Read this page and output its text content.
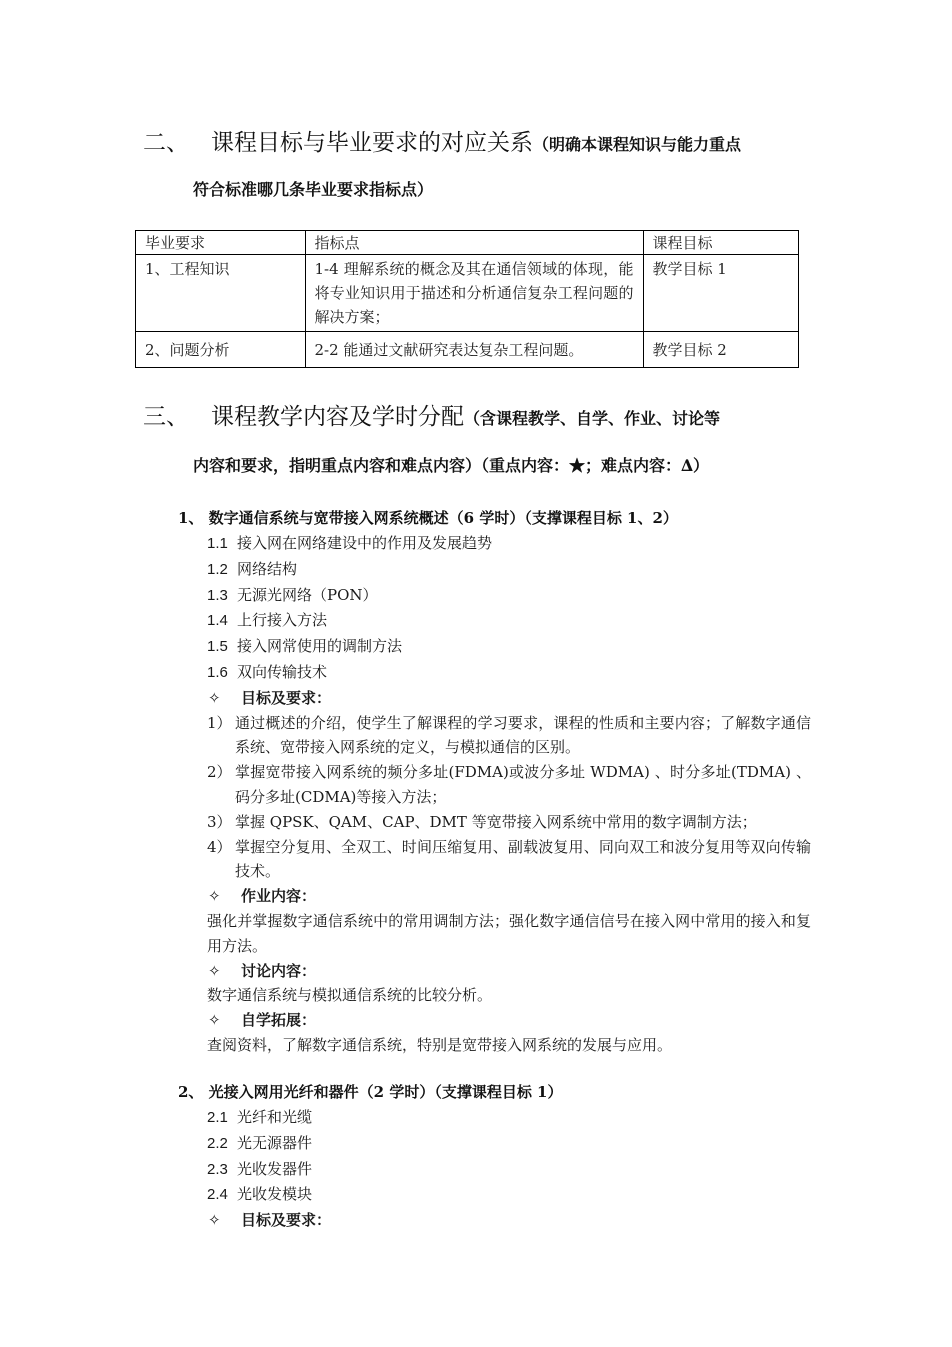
二、 课程目标与毕业要求的对应关系（明确本课程知识与能力重点
符合标准哪几条毕业要求指标点）
毕业要求	指标点	课程目标
1、工程知识	1-4 理解系统的概念及其在通信领域的体现，能将专业知识用于描述和分析通信复杂工程问题的解决方案；	教学目标 1
2、问题分析	2-2 能通过文献研究表达复杂工程问题。	教学目标 2
三、 课程教学内容及学时分配（含课程教学、自学、作业、讨论等
内容和要求，指明重点内容和难点内容）（重点内容：★；难点内容：∆）
1、 数字通信系统与宽带接入网系统概述（6 学时）（支撑课程目标 1、2）
1.1 接入网在网络建设中的作用及发展趋势
1.2 网络结构
1.3 无源光网络（PON）
1.4 上行接入方法
1.5 接入网常使用的调制方法
1.6 双向传输技术
✧ 目标及要求：
1） 通过概述的介绍，使学生了解课程的学习要求，课程的性质和主要内容；了解数字通信系统、宽带接入网系统的定义，与模拟通信的区别。
2） 掌握宽带接入网系统的频分多址(FDMA)或波分多址 WDMA) 、时分多址(TDMA) 、码分多址(CDMA)等接入方法；
3） 掌握 QPSK、QAM、CAP、DMT 等宽带接入网系统中常用的数字调制方法；
4） 掌握空分复用、全双工、时间压缩复用、副载波复用、同向双工和波分复用等双向传输技术。
✧ 作业内容：
强化并掌握数字通信系统中的常用调制方法；强化数字通信信号在接入网中常用的接入和复用方法。
✧ 讨论内容：
数字通信系统与模拟通信系统的比较分析。
✧ 自学拓展：
查阅资料，了解数字通信系统，特别是宽带接入网系统的发展与应用。
2、 光接入网用光纤和器件（2 学时）（支撑课程目标 1）
2.1 光纤和光缆
2.2 光无源器件
2.3 光收发器件
2.4 光收发模块
✧ 目标及要求：
